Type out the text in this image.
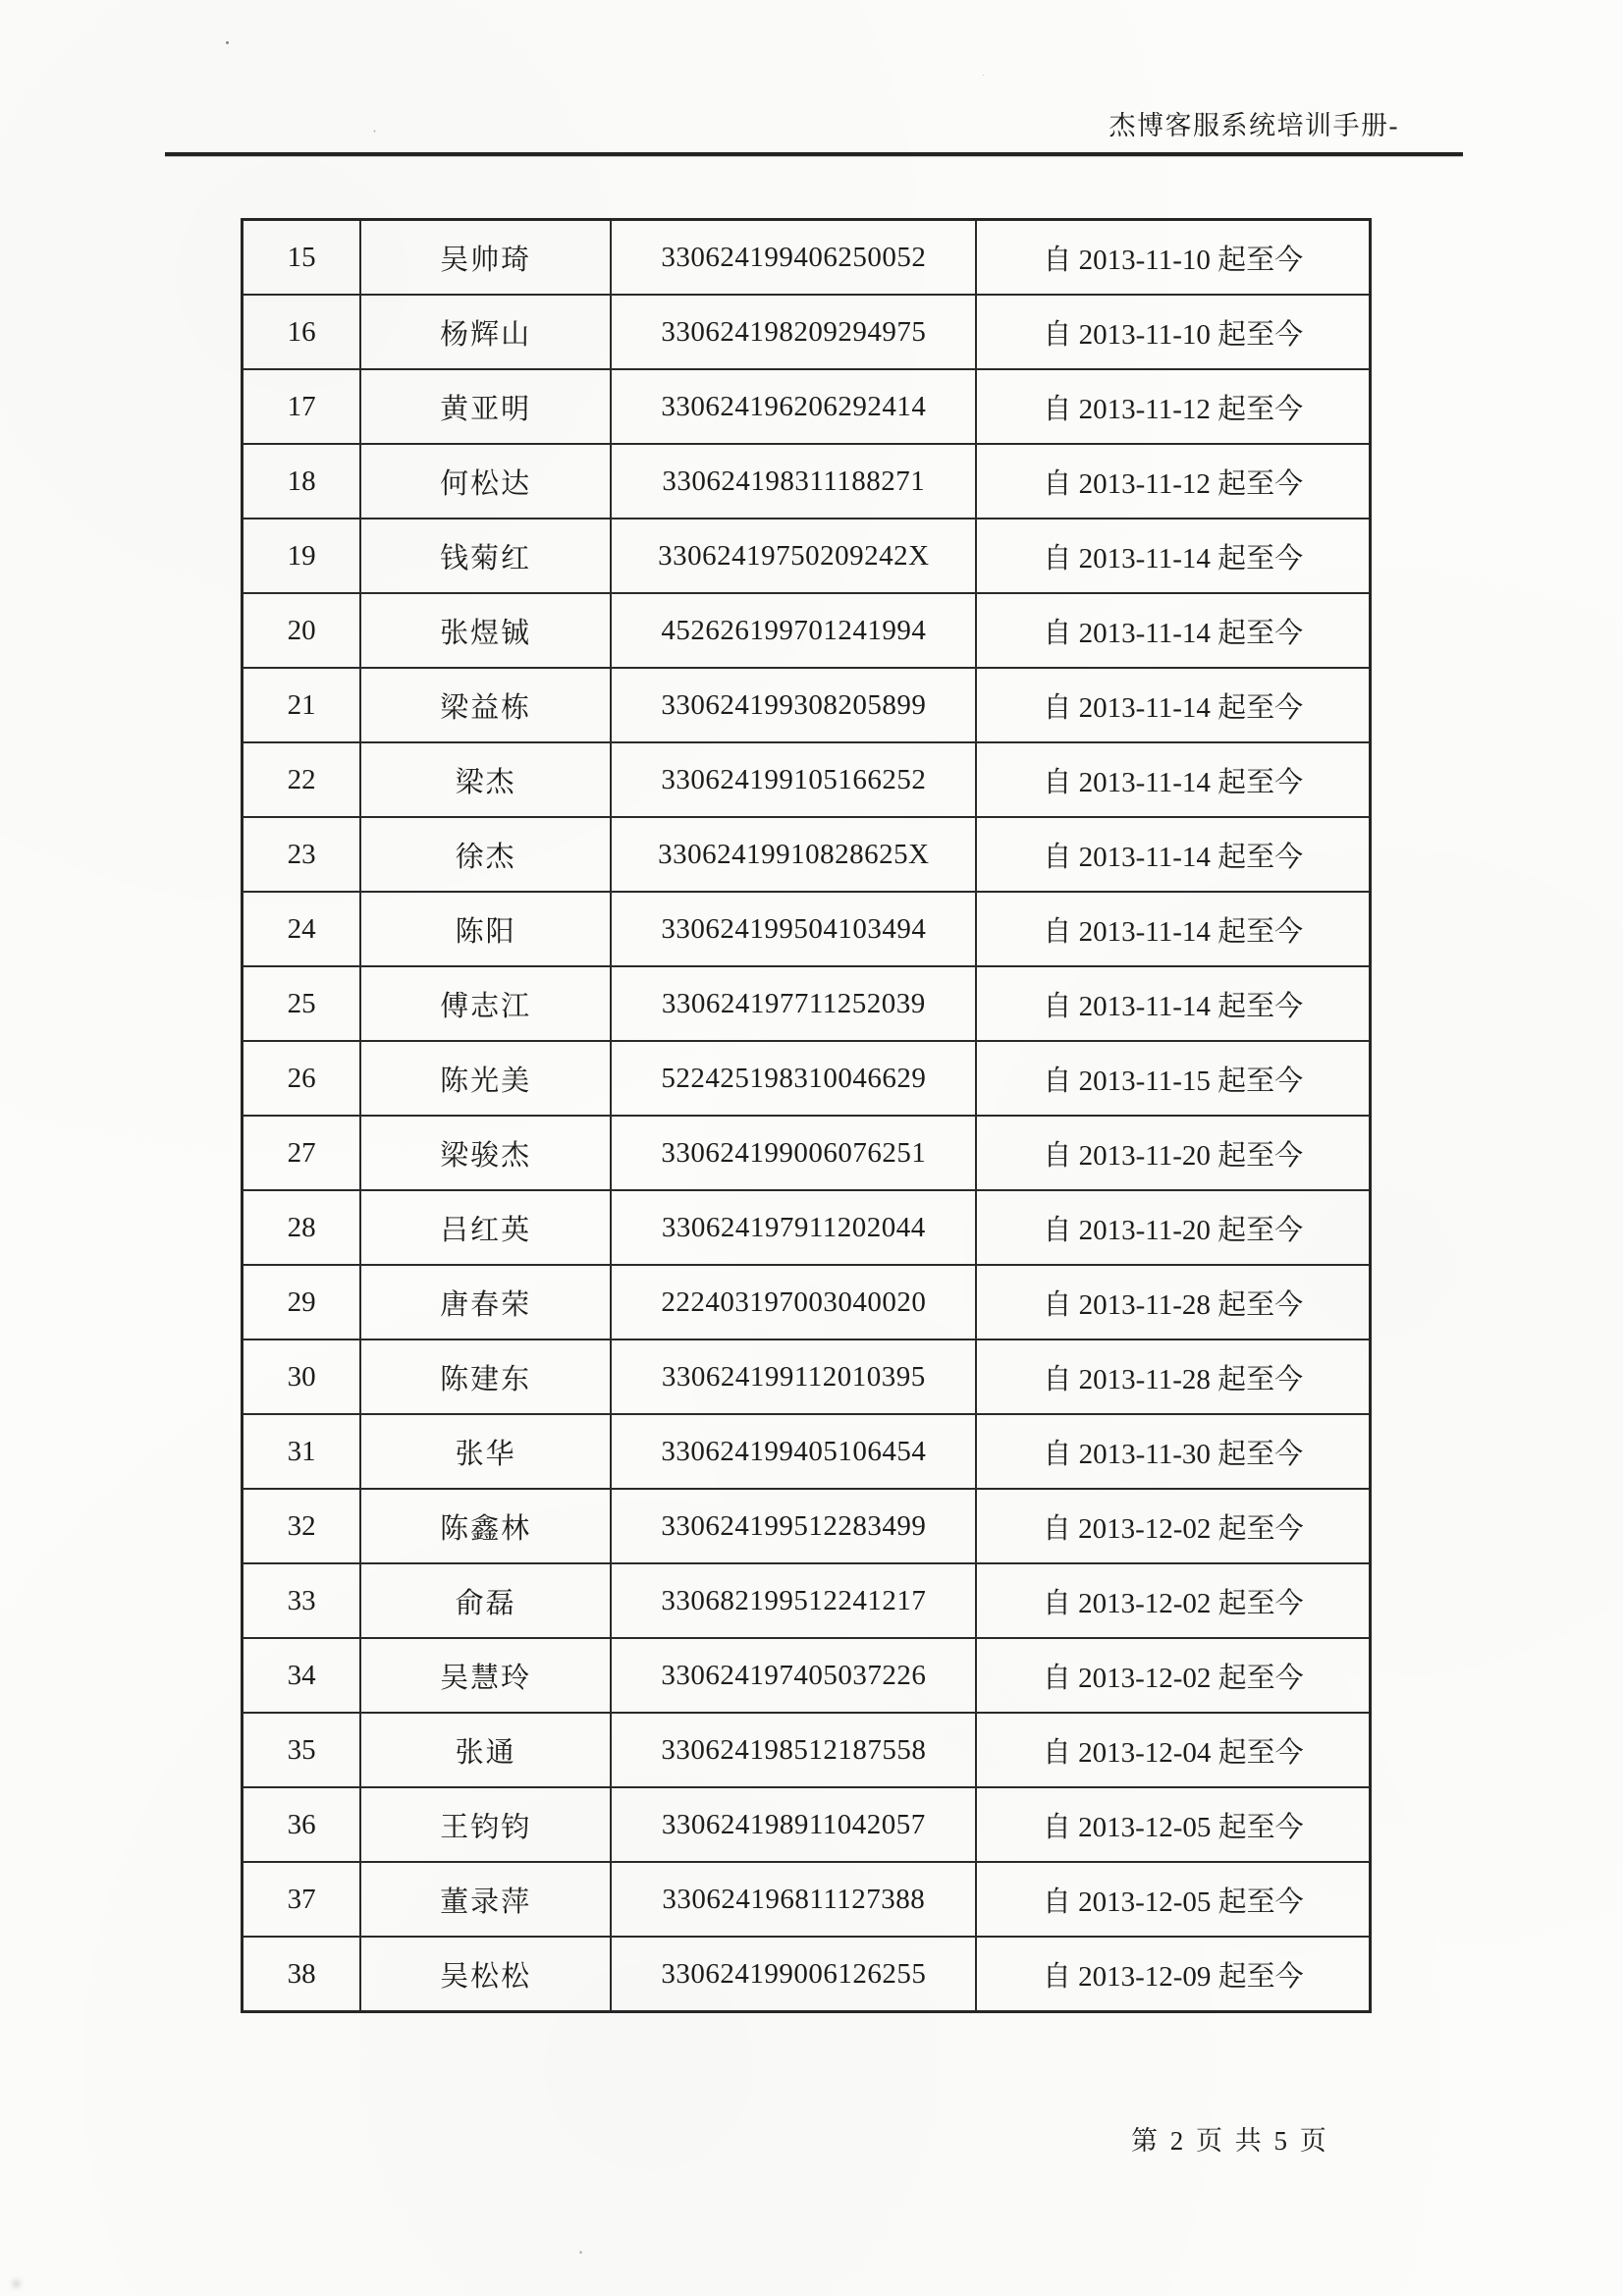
杰博客服系统培训手册-
15	吴帅琦	330624199406250052	自 2013-11-10 起至今
16	杨辉山	330624198209294975	自 2013-11-10 起至今
17	黄亚明	330624196206292414	自 2013-11-12 起至今
18	何松达	330624198311188271	自 2013-11-12 起至今
19	钱菊红	33062419750209242X	自 2013-11-14 起至今
20	张煜铖	452626199701241994	自 2013-11-14 起至今
21	梁益栋	330624199308205899	自 2013-11-14 起至今
22	梁杰	330624199105166252	自 2013-11-14 起至今
23	徐杰	33062419910828625X	自 2013-11-14 起至今
24	陈阳	330624199504103494	自 2013-11-14 起至今
25	傅志江	330624197711252039	自 2013-11-14 起至今
26	陈光美	522425198310046629	自 2013-11-15 起至今
27	梁骏杰	330624199006076251	自 2013-11-20 起至今
28	吕红英	330624197911202044	自 2013-11-20 起至今
29	唐春荣	222403197003040020	自 2013-11-28 起至今
30	陈建东	330624199112010395	自 2013-11-28 起至今
31	张华	330624199405106454	自 2013-11-30 起至今
32	陈鑫林	330624199512283499	自 2013-12-02 起至今
33	俞磊	330682199512241217	自 2013-12-02 起至今
34	吴慧玲	330624197405037226	自 2013-12-02 起至今
35	张通	330624198512187558	自 2013-12-04 起至今
36	王钧钧	330624198911042057	自 2013-12-05 起至今
37	董录萍	330624196811127388	自 2013-12-05 起至今
38	吴松松	330624199006126255	自 2013-12-09 起至今
第 2 页 共 5 页
